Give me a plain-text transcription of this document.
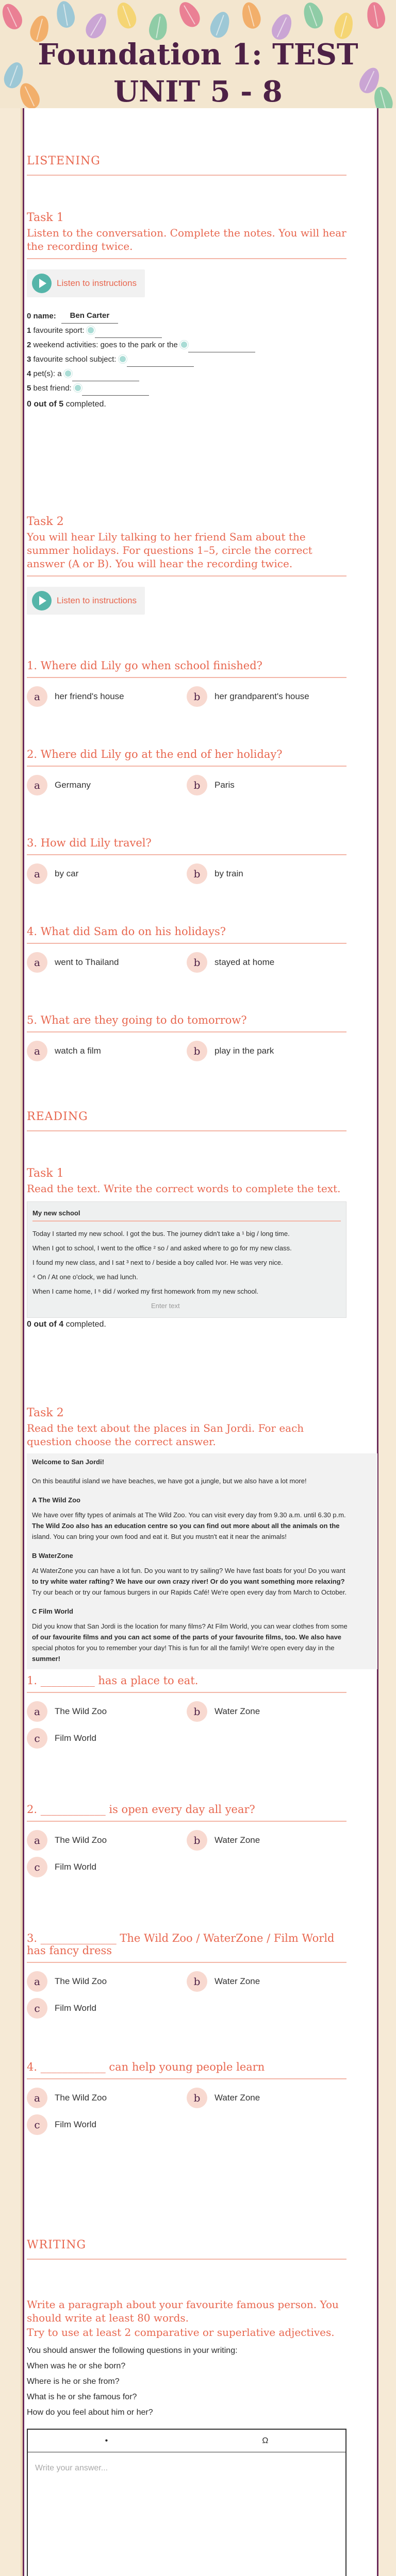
Foundation 1: TEST UNIT 5 - 8
LISTENING
Task 1
Listen to the conversation. Complete the notes. You will hear the recording twice.
Listen to instructions
0 name: Ben Carter
1 favourite sport:
2 weekend activities: goes to the park or the
3 favourite school subject:
4 pet(s): a
5 best friend:
0 out of 5 completed.
Task 2
You will hear Lily talking to her friend Sam about the summer holidays. For questions 1–5, circle the correct answer (A or B). You will hear the recording twice.
Listen to instructions
1. Where did Lily go when school finished?
a	her friend's house	b	her grandparent's house
2. Where did Lily go at the end of her holiday?
a	Germany	b	Paris
3. How did Lily travel?
a	by car	b	by train
4. What did Sam do on his holidays?
a	went to Thailand	b	stayed at home
5. What are they going to do tomorrow?
a	watch a film	b	play in the park
READING
Task 1
Read the text. Write the correct words to complete the text.
My new school
Today I started my new school. I got the bus. The journey didn't take a ¹ big / long time.
When I got to school, I went to the office ² so / and asked where to go for my new class.
I found my new class, and I sat ³ next to / beside a boy called Ivor. He was very nice.
⁴ On / At one o'clock, we had lunch.
When I came home, I ⁵ did / worked my first homework from my new school.
Enter text
0 out of 4 completed.
Task 2
Read the text about the places in San Jordi. For each question choose the correct answer.
Welcome to San Jordi!

On this beautiful island we have beaches, we have got a jungle, but we also have a lot more!

A The Wild Zoo

We have over fifty types of animals at The Wild Zoo. You can visit every day from 9.30 a.m. until 6.30 p.m.

The Wild Zoo also has an education centre so you can find out more about all the animals on the
island. You can bring your own food and eat it. But you mustn't eat it near the animals!
B WaterZone

At WaterZone you can have a lot fun. Do you want to try sailing? We have fast boats for you! Do you want

to try white water rafting? We have our own crazy river! Or do you want something more relaxing?
Try our beach or try our famous burgers in our Rapids Café! We're open every day from March to October.
C Film World

Did you know that San Jordi is the location for many films? At Film World, you can wear clothes from some

of our favourite films and you can act some of the parts of your favourite films, too. We also have
special photos for you to remember your day! This is fun for all the family! We're open every day in the
summer!
1. __________ has a place to eat.
a	The Wild Zoo	b	Water Zone
c	Film World
2. ____________ is open every day all year?
a	The Wild Zoo	b	Water Zone
c	Film World
3. ______________ The Wild Zoo / WaterZone / Film World has fancy dress
a	The Wild Zoo	b	Water Zone
c	Film World
4. ____________ can help young people learn
a	The Wild Zoo	b	Water Zone
c	Film World
WRITING
Write a paragraph about your favourite famous person. You should write at least 80 words.
Try to use at least 2 comparative or superlative adjectives.
You should answer the following questions in your writing:
When was he or she born?
Where is he or she from?
What is he or she famous for?
How do you feel about him or her?
•	Ω
Write your answer...
